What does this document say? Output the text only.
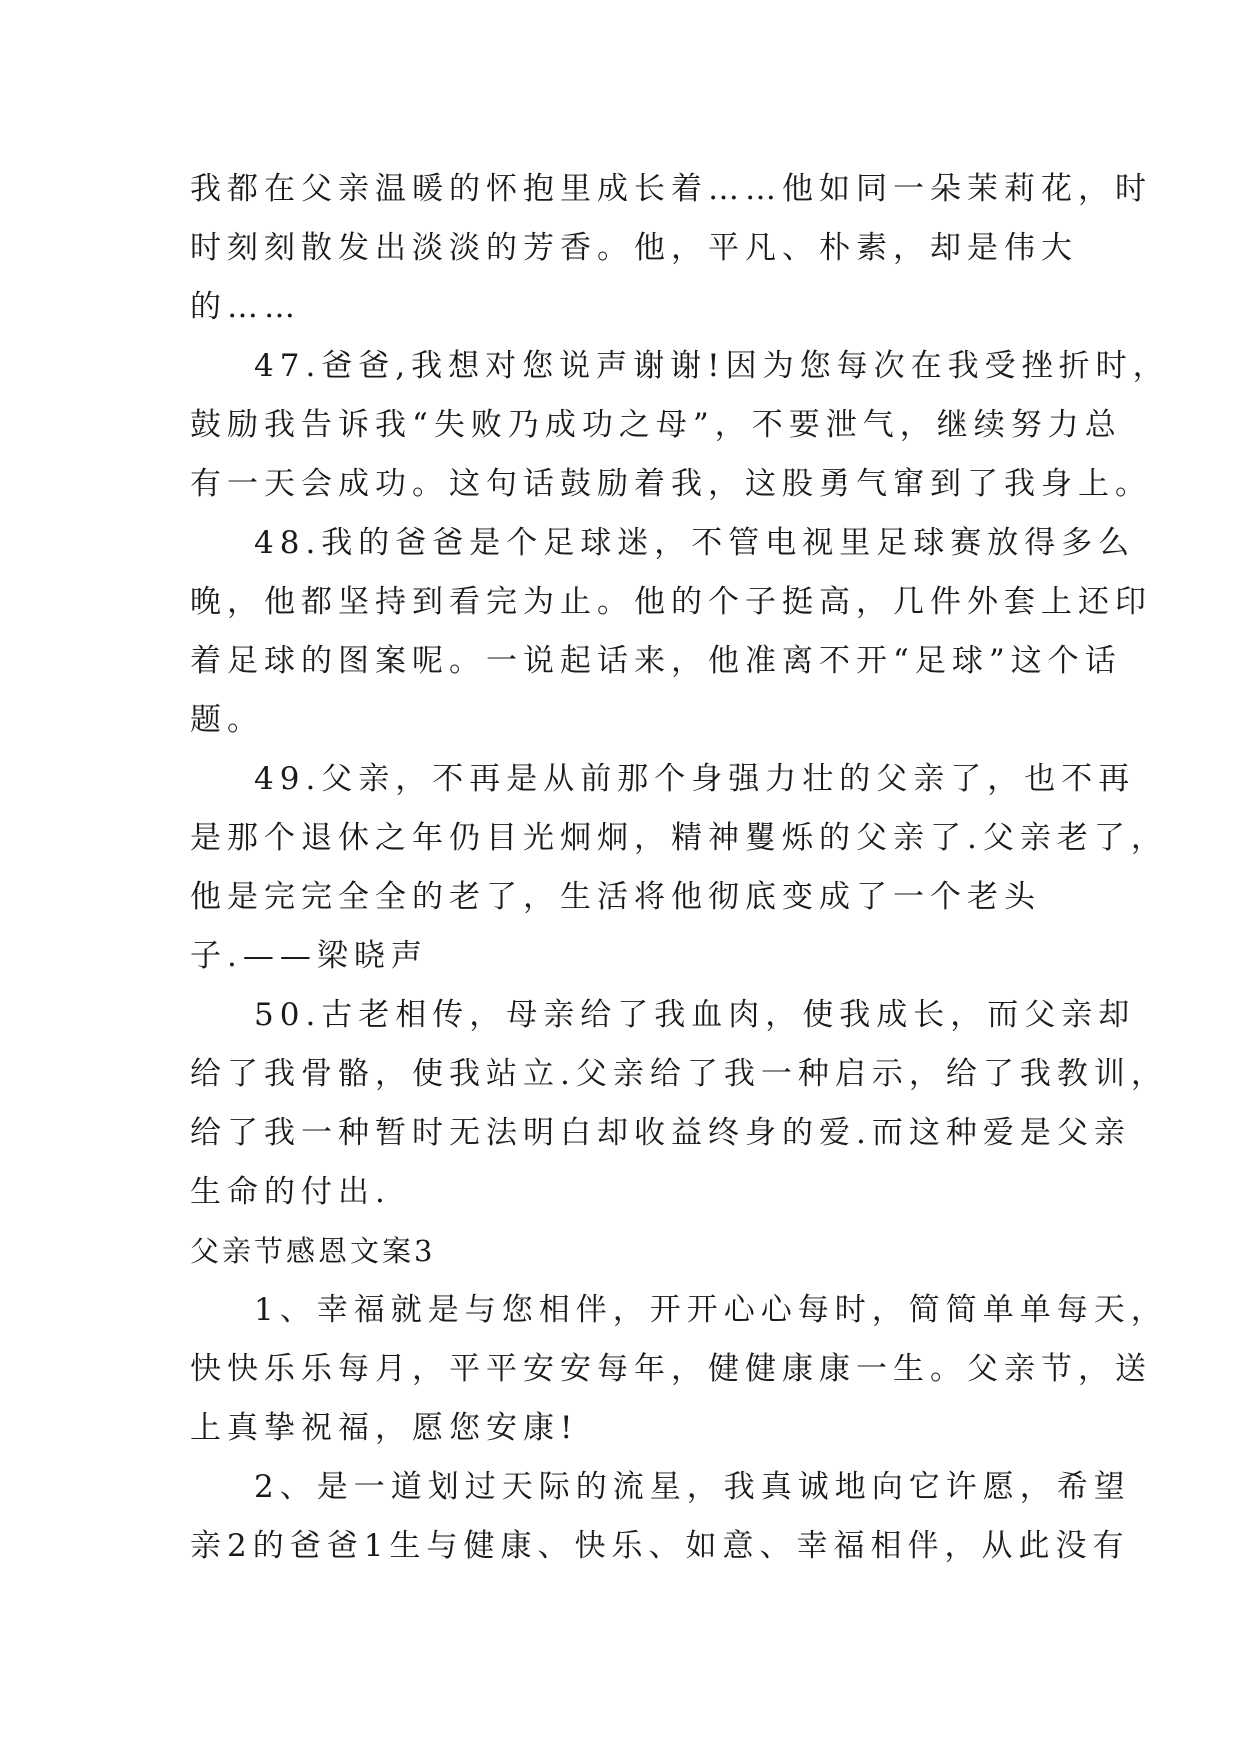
我都在父亲温暖的怀抱里成长着……他如同一朵茉莉花，时
时刻刻散发出淡淡的芳香。他，平凡、朴素，却是伟大
的……
47.爸爸,我想对您说声谢谢!因为您每次在我受挫折时，
鼓励我告诉我“失败乃成功之母”，不要泄气，继续努力总
有一天会成功。这句话鼓励着我，这股勇气窜到了我身上。
48.我的爸爸是个足球迷，不管电视里足球赛放得多么
晚，他都坚持到看完为止。他的个子挺高，几件外套上还印
着足球的图案呢。一说起话来，他准离不开“足球”这个话
题。
49.父亲，不再是从前那个身强力壮的父亲了，也不再
是那个退休之年仍目光炯炯，精神矍烁的父亲了.父亲老了，
他是完完全全的老了，生活将他彻底变成了一个老头
子.——梁晓声
50.古老相传，母亲给了我血肉，使我成长，而父亲却
给了我骨骼，使我站立.父亲给了我一种启示，给了我教训，
给了我一种暂时无法明白却收益终身的爱.而这种爱是父亲
生命的付出.
父亲节感恩文案3
1、幸福就是与您相伴，开开心心每时，简简单单每天，
快快乐乐每月，平平安安每年，健健康康一生。父亲节，送
上真挚祝福，愿您安康!
2、是一道划过天际的流星，我真诚地向它许愿，希望
亲2的爸爸1生与健康、快乐、如意、幸福相伴，从此没有
